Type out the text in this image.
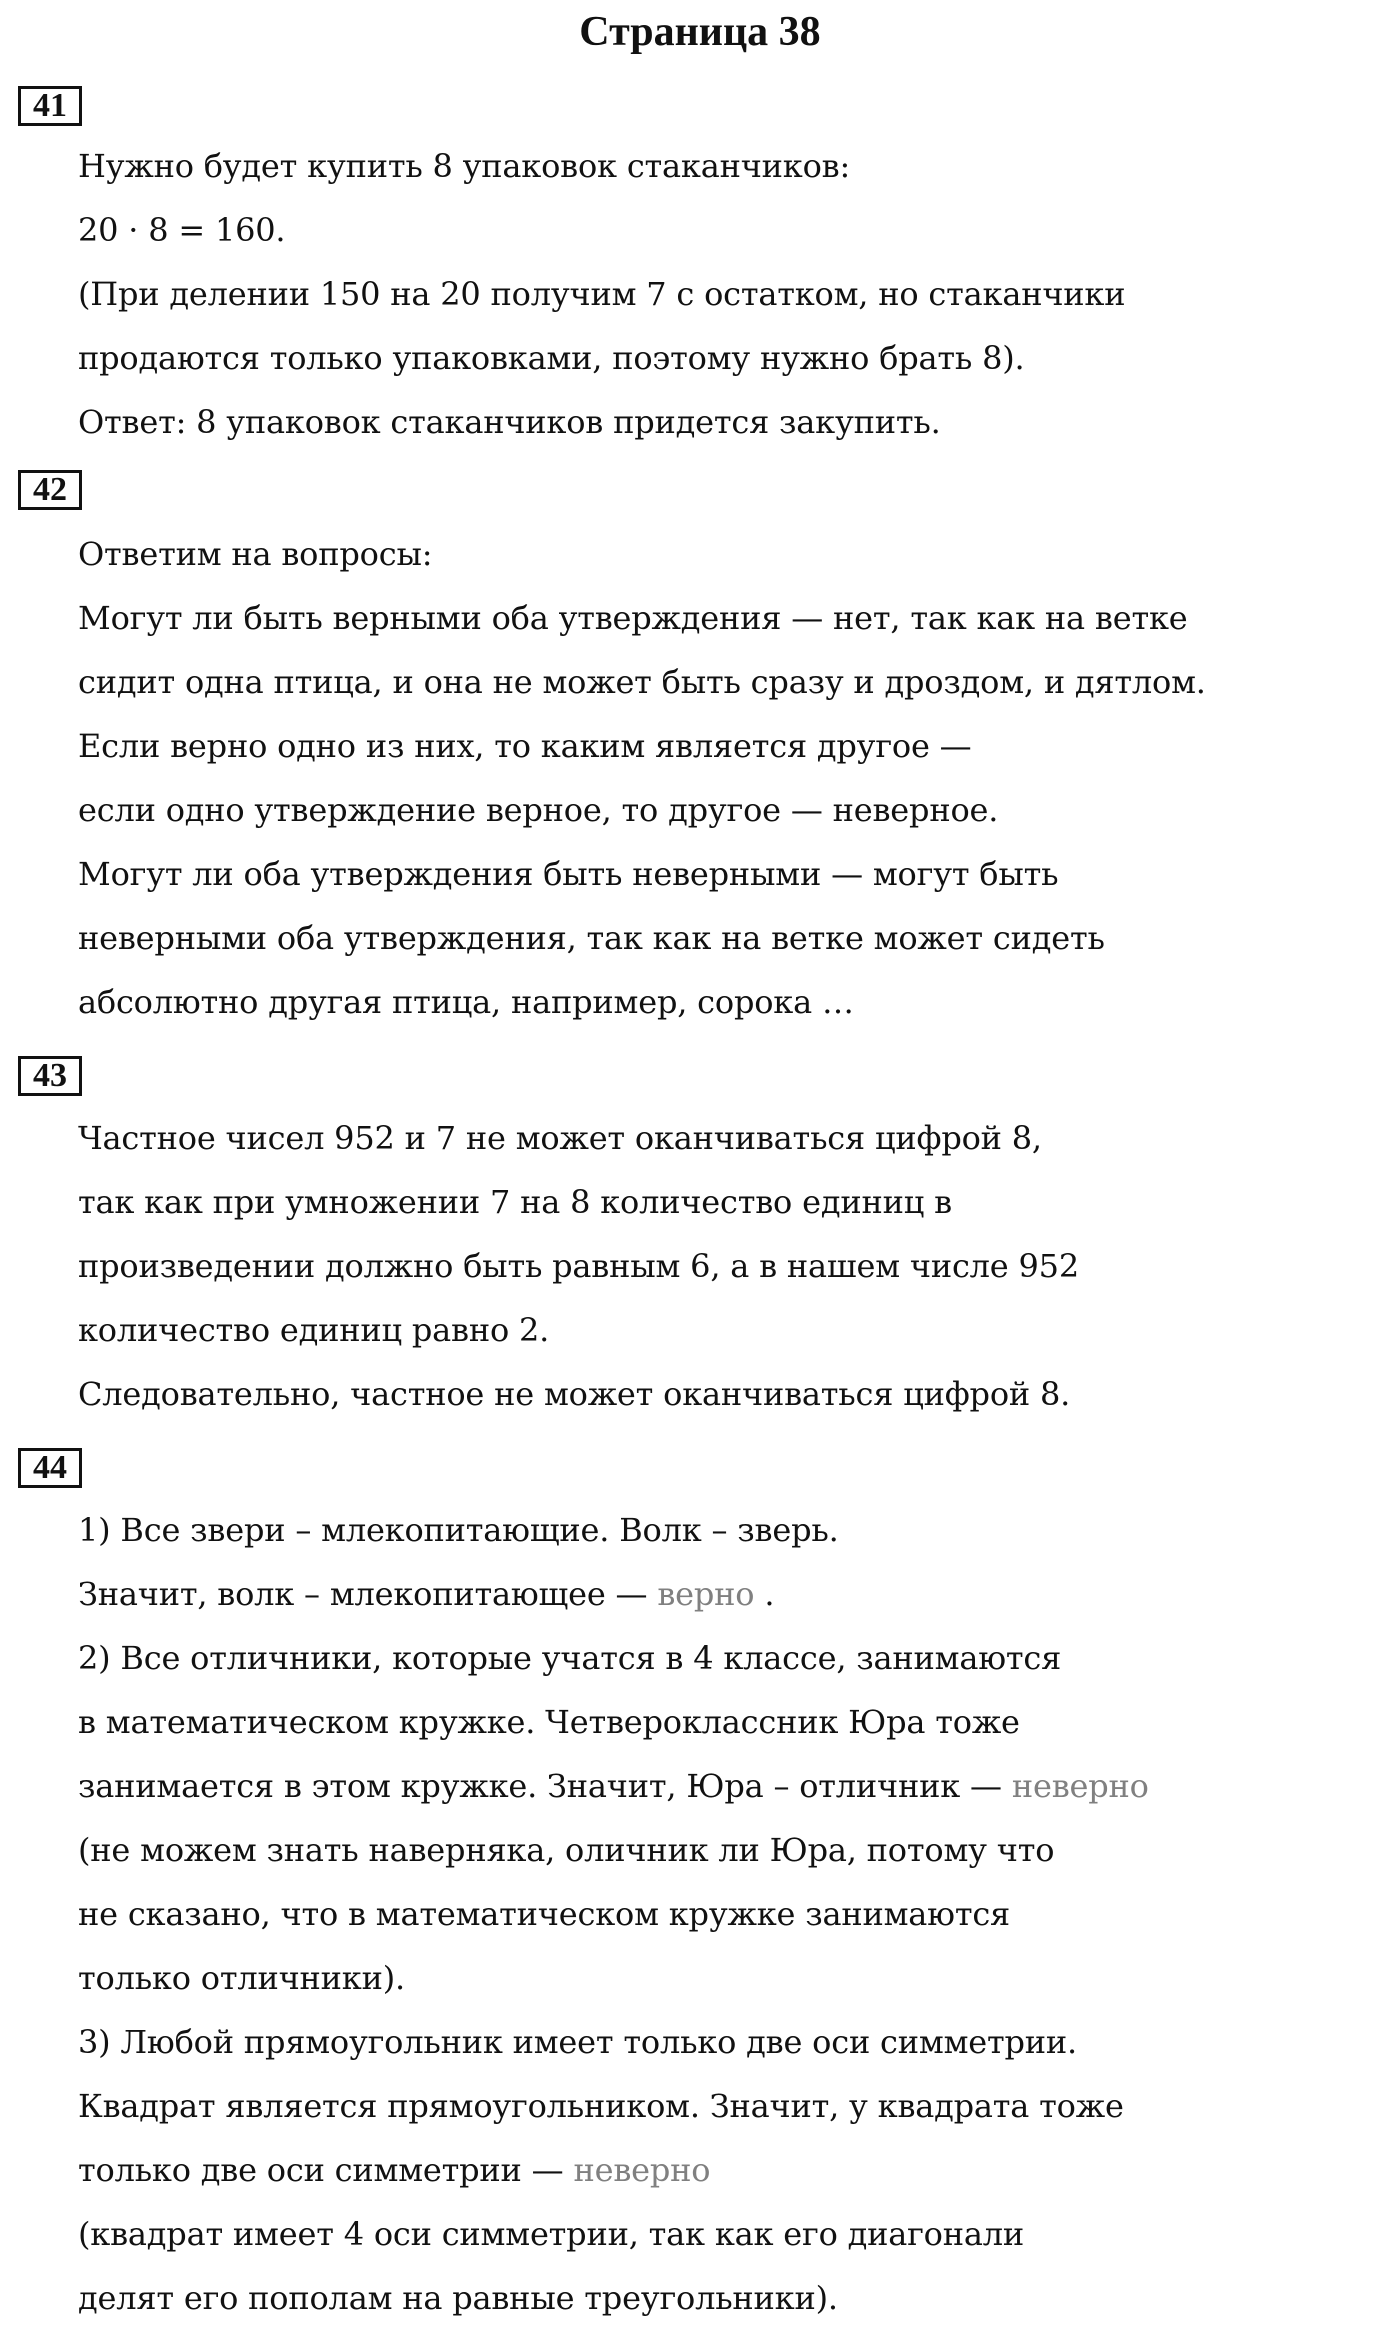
Страница 38
41
Нужно будет купить 8 упаковок стаканчиков:
20 · 8 = 160.
(При делении 150 на 20 получим 7 с остатком, но стаканчики
продаются только упаковками, поэтому нужно брать 8).
Ответ: 8 упаковок стаканчиков придется закупить.
42
Ответим на вопросы:
Могут ли быть верными оба утверждения — нет, так как на ветке
сидит одна птица, и она не может быть сразу и дроздом, и дятлом.
Если верно одно из них, то каким является другое —
если одно утверждение верное, то другое — неверное.
Могут ли оба утверждения быть неверными — могут быть
неверными оба утверждения, так как на ветке может сидеть
абсолютно другая птица, например, сорока …
43
Частное чисел 952 и 7 не может оканчиваться цифрой 8,
так как при умножении 7 на 8 количество единиц в
произведении должно быть равным 6, а в нашем числе 952
количество единиц равно 2.
Следовательно, частное не может оканчиваться цифрой 8.
44
1) Все звери – млекопитающие. Волк – зверь.
Значит, волк – млекопитающее — верно .
2) Все отличники, которые учатся в 4 классе, занимаются
в математическом кружке. Четвероклассник Юра тоже
занимается в этом кружке. Значит, Юра – отличник — неверно
(не можем знать наверняка, оличник ли Юра, потому что
не сказано, что в математическом кружке занимаются
только отличники).
3) Любой прямоугольник имеет только две оси симметрии.
Квадрат является прямоугольником. Значит, у квадрата тоже
только две оси симметрии — неверно
(квадрат имеет 4 оси симметрии, так как его диагонали
делят его пополам на равные треугольники).
